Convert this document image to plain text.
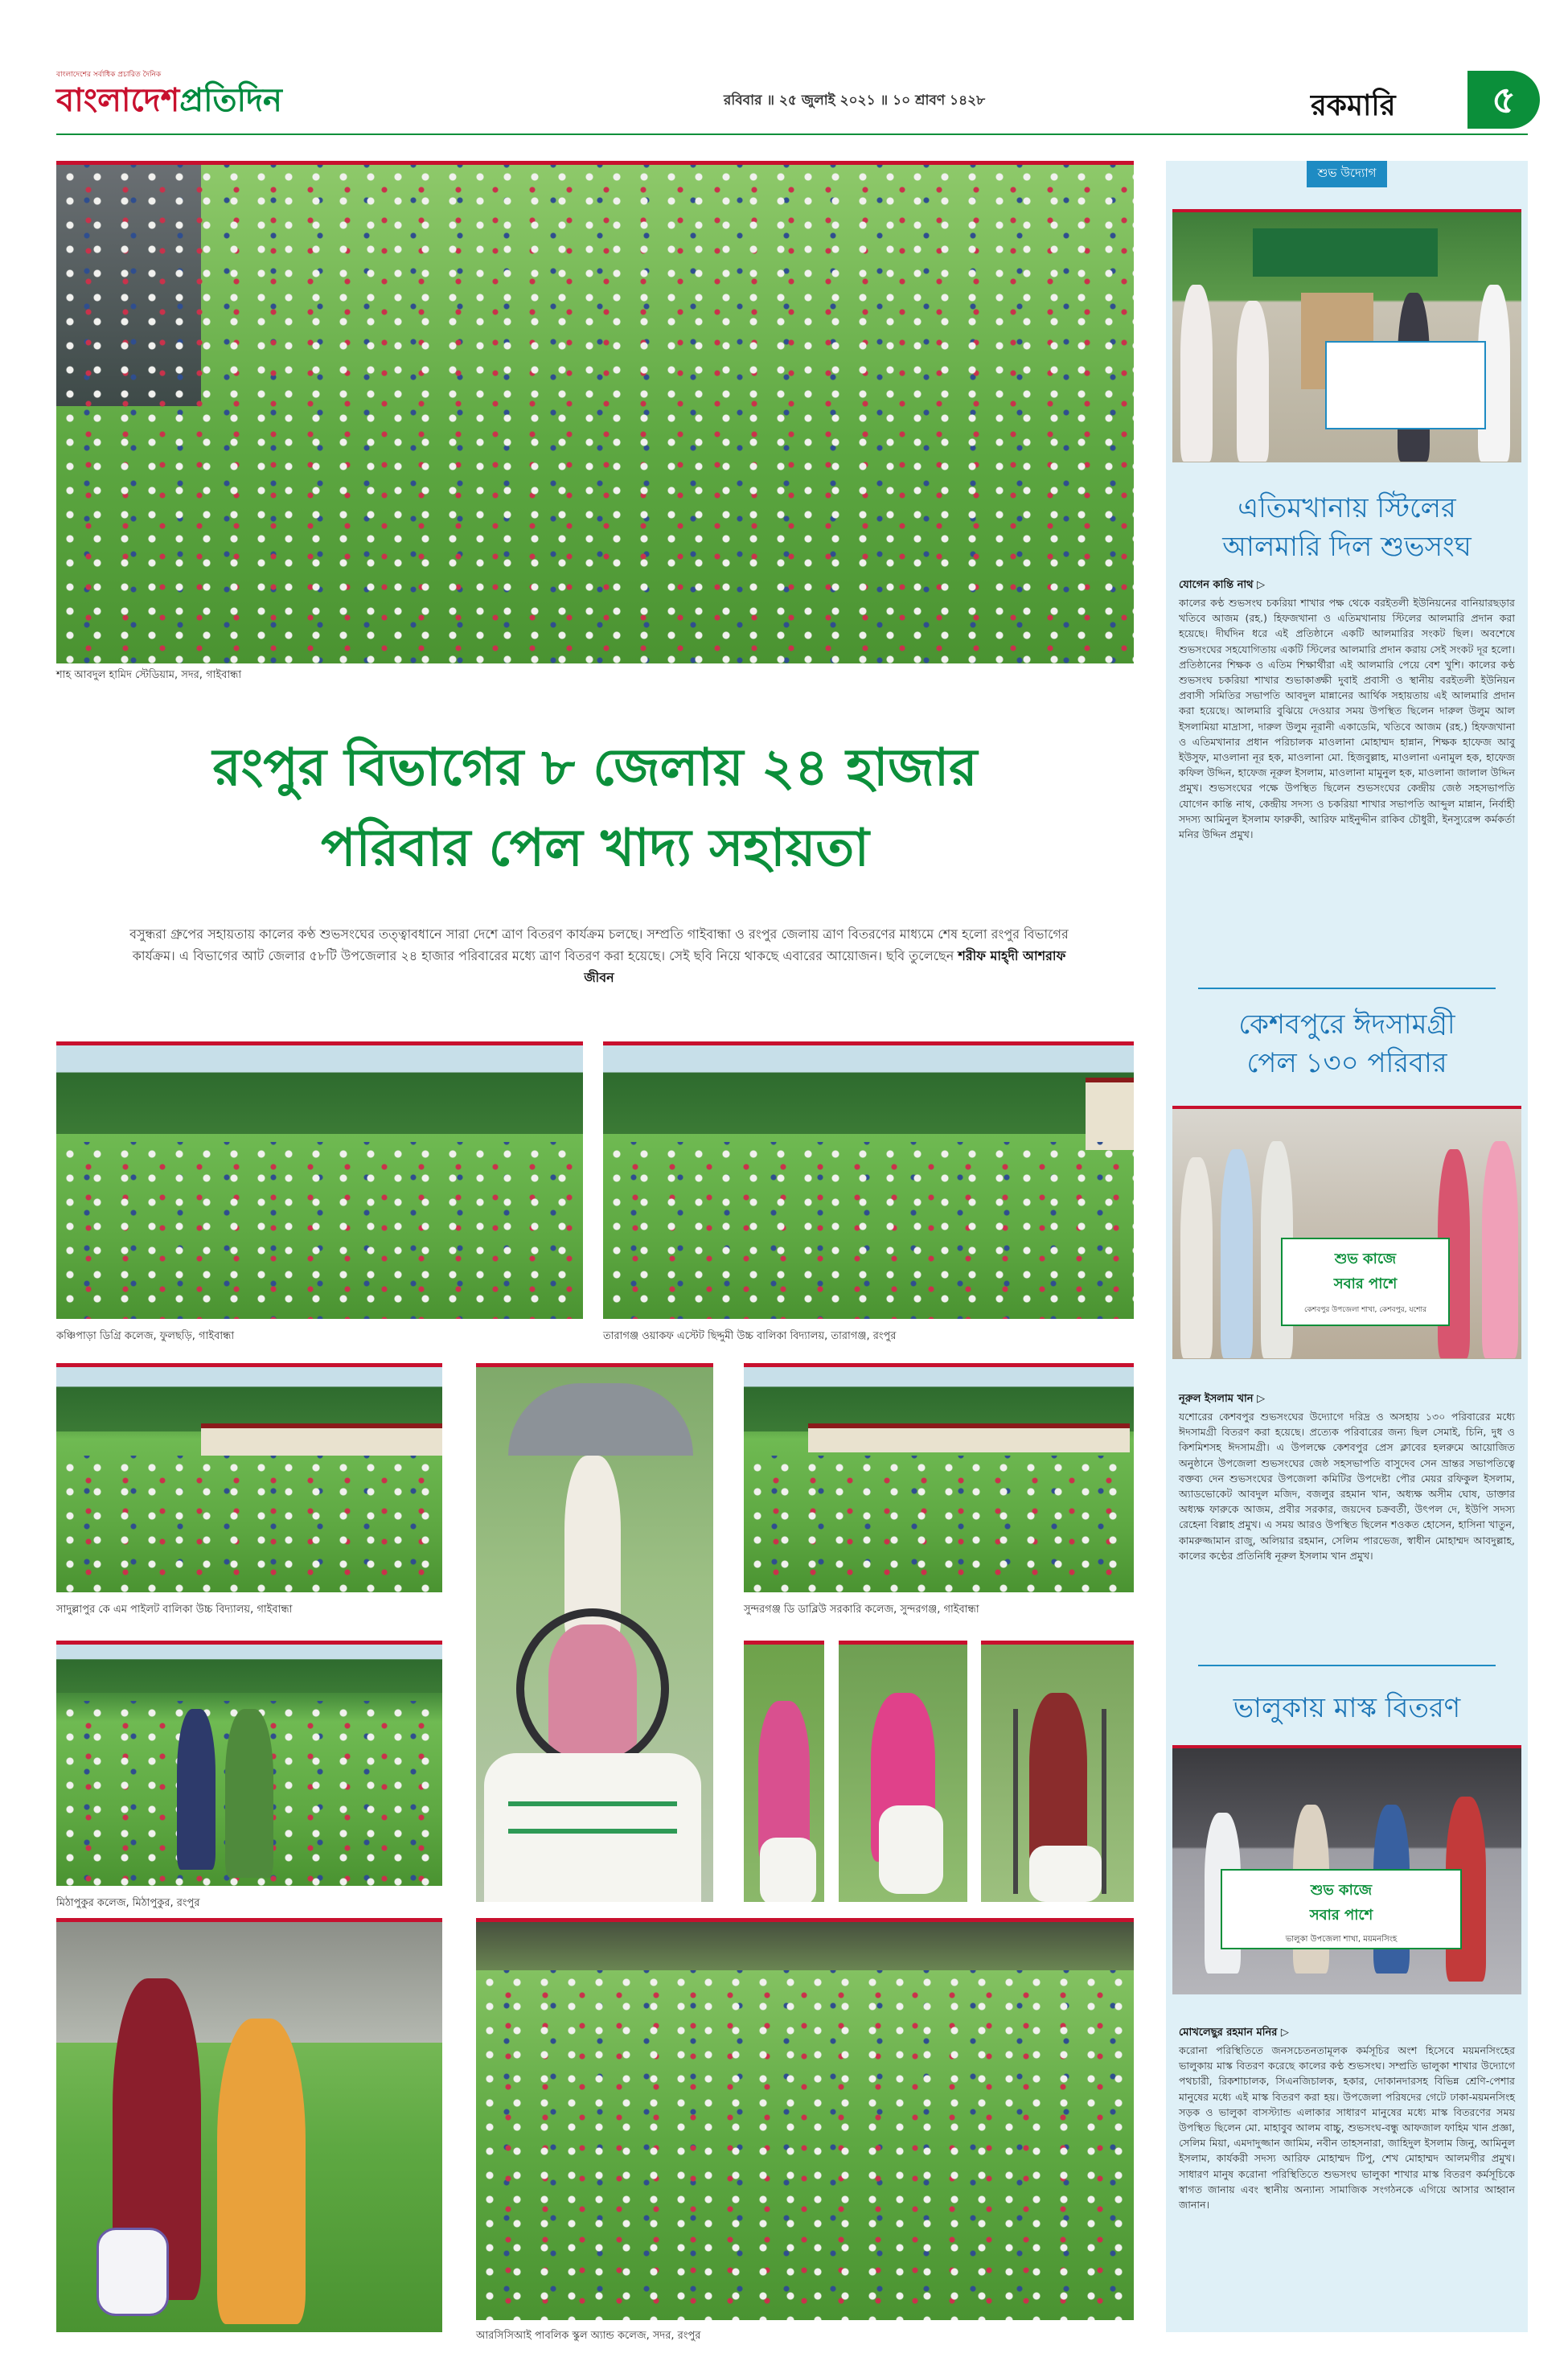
বাংলাদেশের সর্বাধিক প্রচারিত দৈনিক
বাংলাদেশপ্রতিদিন	রবিবার ॥ ২৫ জুলাই ২০২১ ॥ ১০ শ্রাবণ ১৪২৮	রকমারি	৫
শাহ আবদুল হামিদ স্টেডিয়াম, সদর, গাইবান্ধা
রংপুর বিভাগের ৮ জেলায় ২৪ হাজার
পরিবার পেল খাদ্য সহায়তা
বসুন্ধরা গ্রুপের সহায়তায় কালের কণ্ঠ শুভসংঘের তত্ত্বাবধানে সারা দেশে ত্রাণ বিতরণ কার্যক্রম চলছে। সম্প্রতি গাইবান্ধা ও রংপুর জেলায় ত্রাণ বিতরণের মাধ্যমে শেষ হলো রংপুর বিভাগের কার্যক্রম। এ বিভাগের আট জেলার ৫৮টি উপজেলার ২৪ হাজার পরিবারের মধ্যে ত্রাণ বিতরণ করা হয়েছে। সেই ছবি নিয়ে থাকছে এবারের আয়োজন। ছবি তুলেছেন শরীফ মাহ্‌দী আশরাফ জীবন
কঞ্চিপাড়া ডিগ্রি কলেজ, ফুলছড়ি, গাইবান্ধা	তারাগঞ্জ ওয়াকফ এস্টেট ছিদ্দুমী উচ্চ বালিকা বিদ্যালয়, তারাগঞ্জ, রংপুর
সাদুল্লাপুর কে এম পাইলট বালিকা উচ্চ বিদ্যালয়, গাইবান্ধা	সুন্দরগঞ্জ ডি ডাব্লিউ সরকারি কলেজ, সুন্দরগঞ্জ, গাইবান্ধা
মিঠাপুকুর কলেজ, মিঠাপুকুর, রংপুর
আরসিসিআই পাবলিক স্কুল অ্যান্ড কলেজ, সদর, রংপুর
শুভ উদ্যোগ
এতিমখানায় স্টিলের
আলমারি দিল শুভসংঘ
যোগেন কান্তি নাথ ▷
কালের কণ্ঠ শুভসংঘ চকরিয়া শাখার পক্ষ থেকে বরইতলী ইউনিয়নের বানিয়ারছড়ার খতিবে আজম (রহ.) হিফজখানা ও এতিমখানায় স্টিলের আলমারি প্রদান করা হয়েছে। দীর্ঘদিন ধরে এই প্রতিষ্ঠানে একটি আলমারির সংকট ছিল। অবশেষে শুভসংঘের সহযোগিতায় একটি স্টিলের আলমারি প্রদান করায় সেই সংকট দূর হলো। প্রতিষ্ঠানের শিক্ষক ও এতিম শিক্ষার্থীরা এই আলমারি পেয়ে বেশ খুশি। কালের কণ্ঠ শুভসংঘ চকরিয়া শাখার শুভাকাঙ্ক্ষী দুবাই প্রবাসী ও স্থানীয় বরইতলী ইউনিয়ন প্রবাসী সমিতির সভাপতি আবদুল মান্নানের আর্থিক সহায়তায় এই আলমারি প্রদান করা হয়েছে। আলমারি বুঝিয়ে দেওয়ার সময় উপস্থিত ছিলেন দারুল উলুম আল ইসলামিয়া মাদ্রাসা, দারুল উলুম নূরানী একাডেমি, খতিবে আজম (রহ.) হিফজখানা ও এতিমখানার প্রধান পরিচালক মাওলানা মোহাম্মদ হান্নান, শিক্ষক হাফেজ আবু ইউসুফ, মাওলানা নূর হক, মাওলানা মো. হিজবুল্লাহ, মাওলানা এনামুল হক, হাফেজ কফিল উদ্দিন, হাফেজ নূরুল ইসলাম, মাওলানা মামুনুল হক, মাওলানা জালাল উদ্দিন প্রমুখ। শুভসংঘের পক্ষে উপস্থিত ছিলেন শুভসংঘের কেন্দ্রীয় জেষ্ঠ সহসভাপতি যোগেন কান্তি নাথ, কেন্দ্রীয় সদস্য ও চকরিয়া শাখার সভাপতি আব্দুল মান্নান, নির্বাহী সদস্য আমিনুল ইসলাম ফারুকী, আরিফ মাইনুদ্দীন রাকিব চৌধুরী, ইনস্যুরেন্স কর্মকর্তা মনির উদ্দিন প্রমুখ।
কেশবপুরে ঈদসামগ্রী
পেল ১৩০ পরিবার
শুভ কাজে
সবার পাশে
কেশবপুর উপজেলা শাখা, কেশবপুর, যশোর
নূরুল ইসলাম খান ▷
যশোরের কেশবপুর শুভসংঘের উদ্যোগে দরিদ্র ও অসহায় ১৩০ পরিবারের মধ্যে ঈদসামগ্রী বিতরণ করা হয়েছে। প্রত্যেক পরিবারের জন্য ছিল সেমাই, চিনি, দুধ ও কিশমিশসহ ঈদসামগ্রী। এ উপলক্ষে কেশবপুর প্রেস ক্লাবের হলরুমে আয়োজিত অনুষ্ঠানে উপজেলা শুভসংঘের জেষ্ঠ সহসভাপতি বাসুদেব সেন ভ্রান্তর সভাপতিত্বে বক্তব্য দেন শুভসংঘের উপজেলা কমিটির উপদেষ্টা পৌর মেয়র রফিকুল ইসলাম, অ্যাডভোকেট আবদুল মজিদ, বজলুর রহমান খান, অধ্যক্ষ অসীম ঘোষ, ডাক্তার অধ্যক্ষ ফারুকে আজম, প্রবীর সরকার, জয়দেব চক্রবর্তী, উৎপল দে, ইউপি সদস্য রেহেনা বিল্লাহ প্রমুখ। এ সময় আরও উপস্থিত ছিলেন শওকত হোসেন, হাসিনা খাতুন, কামরুজ্জামান রাজু, অলিয়ার রহমান, সেলিম পারভেজ, স্বাধীন মোহাম্মদ আবদুল্লাহ, কালের কণ্ঠের প্রতিনিধি নূরুল ইসলাম খান প্রমুখ।
ভালুকায় মাস্ক বিতরণ
শুভ কাজে
সবার পাশে
ভালুকা উপজেলা শাখা, ময়মনসিংহ
মোখলেছুর রহমান মনির ▷
করোনা পরিস্থিতিতে জনসচেতনতামূলক কর্মসূচির অংশ হিসেবে ময়মনসিংহের ভালুকায় মাস্ক বিতরণ করেছে কালের কণ্ঠ শুভসংঘ। সম্প্রতি ভালুকা শাখার উদ্যোগে পথচারী, রিকশাচালক, সিএনজিচালক, হকার, দোকানদারসহ বিভিন্ন শ্রেণি-পেশার মানুষের মধ্যে এই মাস্ক বিতরণ করা হয়। উপজেলা পরিষদের গেটে ঢাকা-ময়মনসিংহ সড়ক ও ভালুকা বাসস্ট্যান্ড এলাকার সাধারণ মানুষের মধ্যে মাস্ক বিতরণের সময় উপস্থিত ছিলেন মো. মাহাবুব আলম বাচ্চু, শুভসংঘ-বন্ধু আফজাল ফাহিম খান প্রজ্ঞা, সেলিম মিয়া, এমদাদুজ্জান জামিম, নবীন তাহসনারা, জাহিদুল ইসলাম জিনু, আমিনুল ইসলাম, কার্যকরী সদস্য আরিফ মোহাম্মদ টিপু, শেখ মোহাম্মদ আলমগীর প্রমুখ। সাধারণ মানুষ করোনা পরিস্থিতিতে শুভসংঘ ভালুকা শাখার মাস্ক বিতরণ কর্মসূচিকে স্বাগত জানায় এবং স্থানীয় অন্যান্য সামাজিক সংগঠনকে এগিয়ে আসার আহ্বান জানান।
